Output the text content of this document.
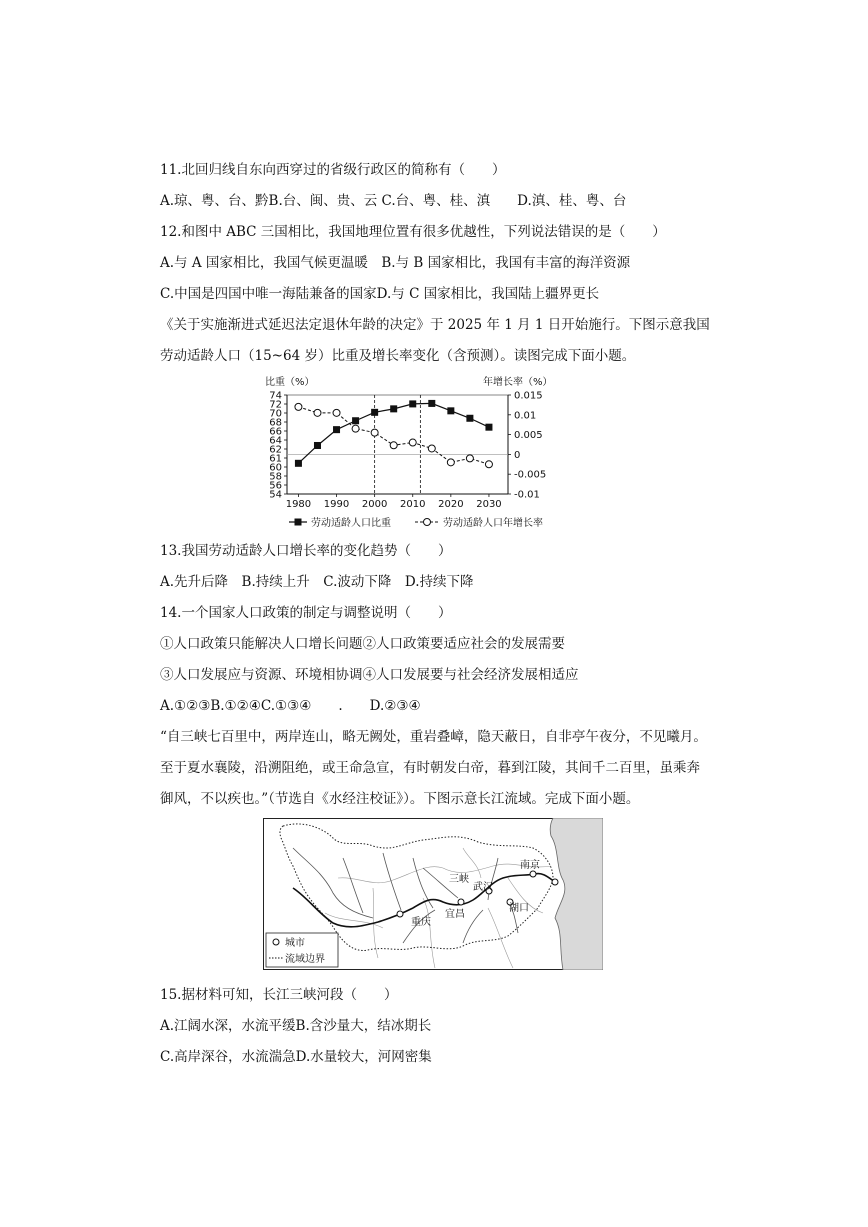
11.北回归线自东向西穿过的省级行政区的简称有（　　）
A.琼、粤、台、黔B.台、闽、贵、云 C.台、粤、桂、滇　　D.滇、桂、粤、台
12.和图中 ABC 三国相比，我国地理位置有很多优越性，下列说法错误的是（　　）
A.与 A 国家相比，我国气候更温暖　B.与 B 国家相比，我国有丰富的海洋资源
C.中国是四国中唯一海陆兼备的国家D.与 C 国家相比，我国陆上疆界更长
《关于实施渐进式延迟法定退休年龄的决定》于 2025 年 1 月 1 日开始施行。下图示意我国
劳动适龄人口（15~64 岁）比重及增长率变化（含预测）。读图完成下面小题。
比重（%）	年增长率（%）
74
72
70
68
66
64
62
61
60
58
56
54
0.015
0.01
0.005
0
-0.005
-0.01
1980 1990 2000 2010 2020 2030
劳动适龄人口比重	劳动适龄人口年增长率
13.我国劳动适龄人口增长率的变化趋势（　　）
A.先升后降　B.持续上升　C.波动下降　D.持续下降
14.一个国家人口政策的制定与调整说明（　　）
①人口政策只能解决人口增长问题②人口政策要适应社会的发展需要
③人口发展应与资源、环境相协调④人口发展要与社会经济发展相适应
A.①②③B.①②④C.①③④　　.　　D.②③④
“自三峡七百里中，两岸连山，略无阙处，重岩叠嶂，隐天蔽日，自非亭午夜分，不见曦月。
至于夏水襄陵，沿溯阻绝，或王命急宣，有时朝发白帝，暮到江陵，其间千二百里，虽乘奔
御风，不以疾也。”（节选自《水经注校证》）。下图示意长江流域。完成下面小题。
三峡
宜昌
武汉
重庆
湖口
南京
城市
流域边界
15.据材料可知，长江三峡河段（　　）
A.江阔水深，水流平缓B.含沙量大，结冰期长
C.高岸深谷，水流湍急D.水量较大，河网密集
